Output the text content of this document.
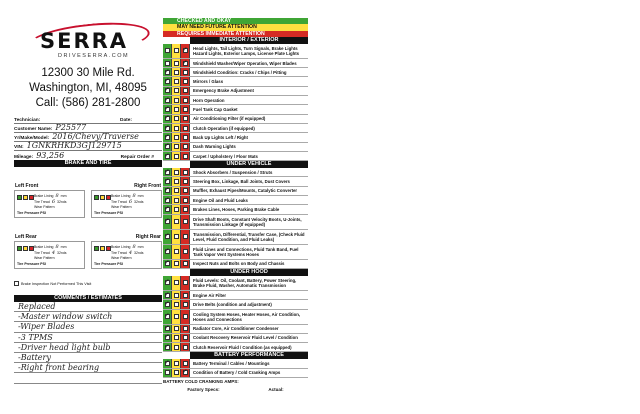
SERRA
DRIVESERRA.COM
12300 30 Mile Rd.
Washington, MI, 48095
Call: (586) 281-2800
Technician:	Date:
Customer Name: P25577
Yr/Make/Model: 2016/Chevy/Traverse
VIN: 1GNKRHKD3GJ129715
Mileage: 93,256	Repair Order #
BRAKE AND TIRE
Left Front	Right Front
Brake Lining 8 mm
Tire Tread 6 32nds
Wear Pattern
Tire Pressure PSI
Brake Lining 8 mm
Tire Tread 6 32nds
Wear Pattern
Tire Pressure PSI
Left Rear	Right Rear
Brake Lining 8 mm
Tire Tread 4 32nds
Wear Pattern
Tire Pressure PSI
Brake Lining 8 mm
Tire Tread 4 32nds
Wear Pattern
Tire Pressure PSI
Brake Inspection Not Performed This Visit
COMMENTS / ESTIMATES
Replaced
-Master window switch
-Wiper Blades
-3 TPMS
-Driver head light bulb
-Battery
-Right front bearing
CHECKED AND OKAY
MAY NEED FUTURE ATTENTION
REQUIRES IMMEDIATE ATTENTION
INTERIOR / EXTERIOR
✓	Head Lights, Tail Lights, Turn Signals, Brake Lights Hazard Lights, Exterior Lamps, License Plate Lights
✓	Windshield Washer/Wiper Operation, Wiper Blades
✓	Windshield Condition: Cracks / Chips / Pitting
✓	Mirrors / Glass
✓	Emergency Brake Adjustment
✓	Horn Operation
✓	Fuel Tank Cap Gasket
✓	Air Conditioning Filter (if equipped)
✓	Clutch Operation (if equipped)
✓	Back Up Lights Left / Right
✓	Dash Warning Lights
✓	Carpet / Upholstery / Floor Mats
UNDER VEHICLE
✓	Shock Absorbers / Suspension / Struts
✓	Steering Box, Linkage, Ball Joints, Dust Covers
✓	Muffler, Exhaust Pipes/Mounts, Catalytic Converter
✓	Engine Oil and Fluid Leaks
✓	Brakes Lines, Hoses, Parking Brake Cable
✓	Drive Shaft Boots, Constant Velocity Boots, U-Joints, Transmission Linkage (If equipped)
✓	Transmission, Differential, Transfer Case, (Check Fluid Level, Fluid Condition, and Fluid Leaks)
✓	Fluid Lines and Connections, Fluid Tank Band, Fuel Tank Vapor Vent Systems Hoses
✓	Inspect Nuts and Bolts on Body and Chassis
UNDER HOOD
✓	Fluid Levels: Oil, Coolant, Battery, Power Steering, Brake Fluid, Washer, Automatic Transmission
✓	Engine Air Filter
✓	Drive Belts (condition and adjustment)
✓	Cooling System Hoses, Heater Hoses, Air Condition, Hoses and Connections
✓	Radiator Core, Air Conditioner Condenser
✓	Coolant Recovery Reservoir Fluid Level / Condition
✓	Clutch Reservoir Fluid / Condition (as equipped)
BATTERY PERFORMANCE
✓	Battery Terminal / Cables / Mountings
✓	Condition of Battery / Cold Cranking Amps
BATTERY COLD CRANKING AMPS:
Factory Specs:	Actual:
